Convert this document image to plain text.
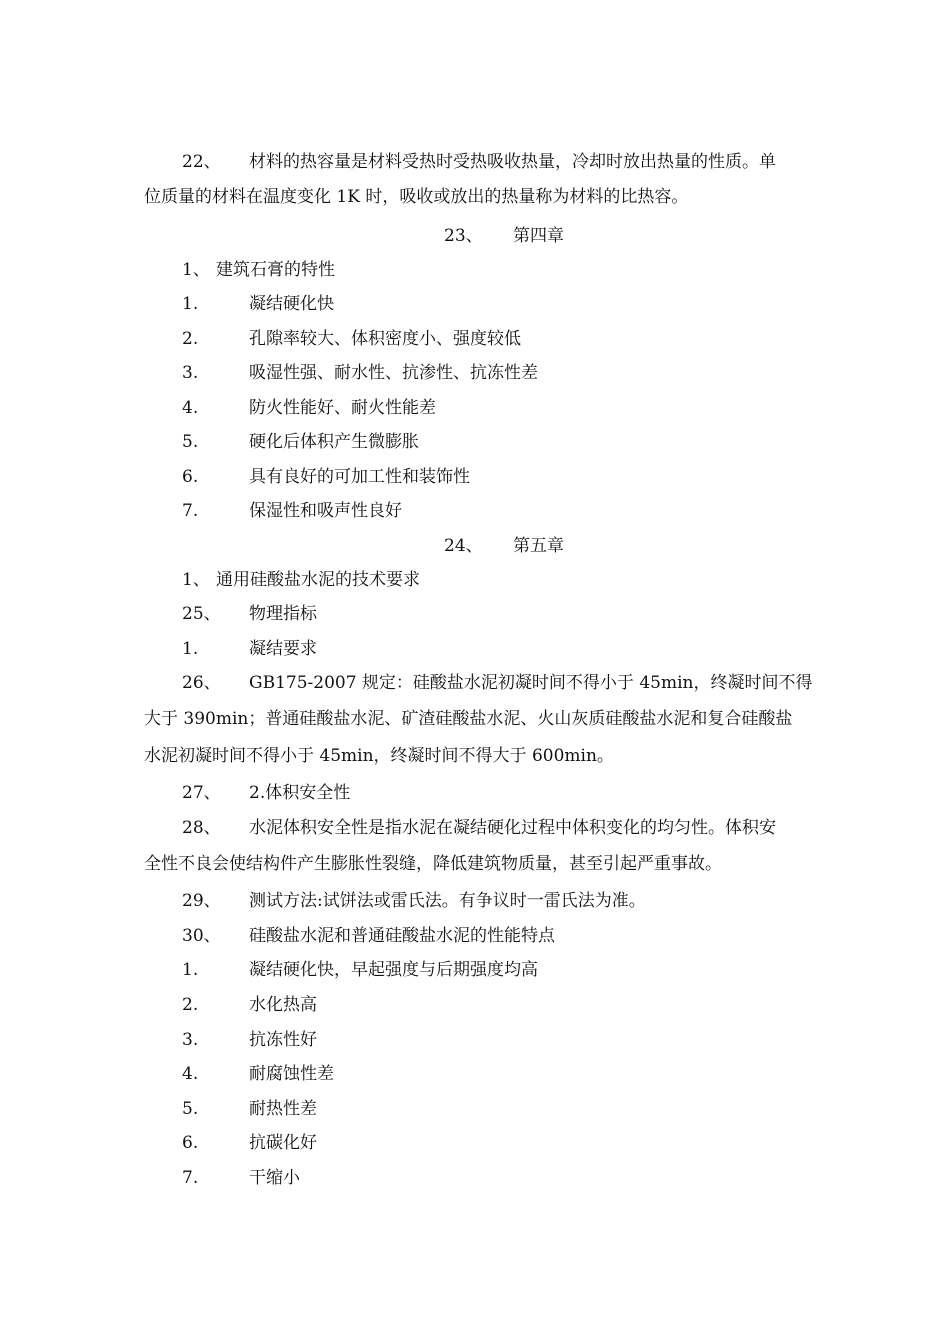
22、 材料的热容量是材料受热时受热吸收热量，冷却时放出热量的性质。单
位质量的材料在温度变化 1K 时，吸收或放出的热量称为材料的比热容。
23、 第四章
1、 建筑石膏的特性
1.	凝结硬化快
2.	孔隙率较大、体积密度小、强度较低
3.	吸湿性强、耐水性、抗渗性、抗冻性差
4.	防火性能好、耐火性能差
5.	硬化后体积产生微膨胀
6.	具有良好的可加工性和装饰性
7.	保湿性和吸声性良好
24、 第五章
1、 通用硅酸盐水泥的技术要求
25、 物理指标
1.	凝结要求
26、 GB175-2007 规定：硅酸盐水泥初凝时间不得小于 45min，终凝时间不得
大于 390min；普通硅酸盐水泥、矿渣硅酸盐水泥、火山灰质硅酸盐水泥和复合硅酸盐
水泥初凝时间不得小于 45min，终凝时间不得大于 600min。
27、 2.体积安全性
28、 水泥体积安全性是指水泥在凝结硬化过程中体积变化的均匀性。体积安
全性不良会使结构件产生膨胀性裂缝，降低建筑物质量，甚至引起严重事故。
29、 测试方法:试饼法或雷氏法。有争议时一雷氏法为准。
30、 硅酸盐水泥和普通硅酸盐水泥的性能特点
1.	凝结硬化快，早起强度与后期强度均高
2.	水化热高
3.	抗冻性好
4.	耐腐蚀性差
5.	耐热性差
6.	抗碳化好
7.	干缩小
